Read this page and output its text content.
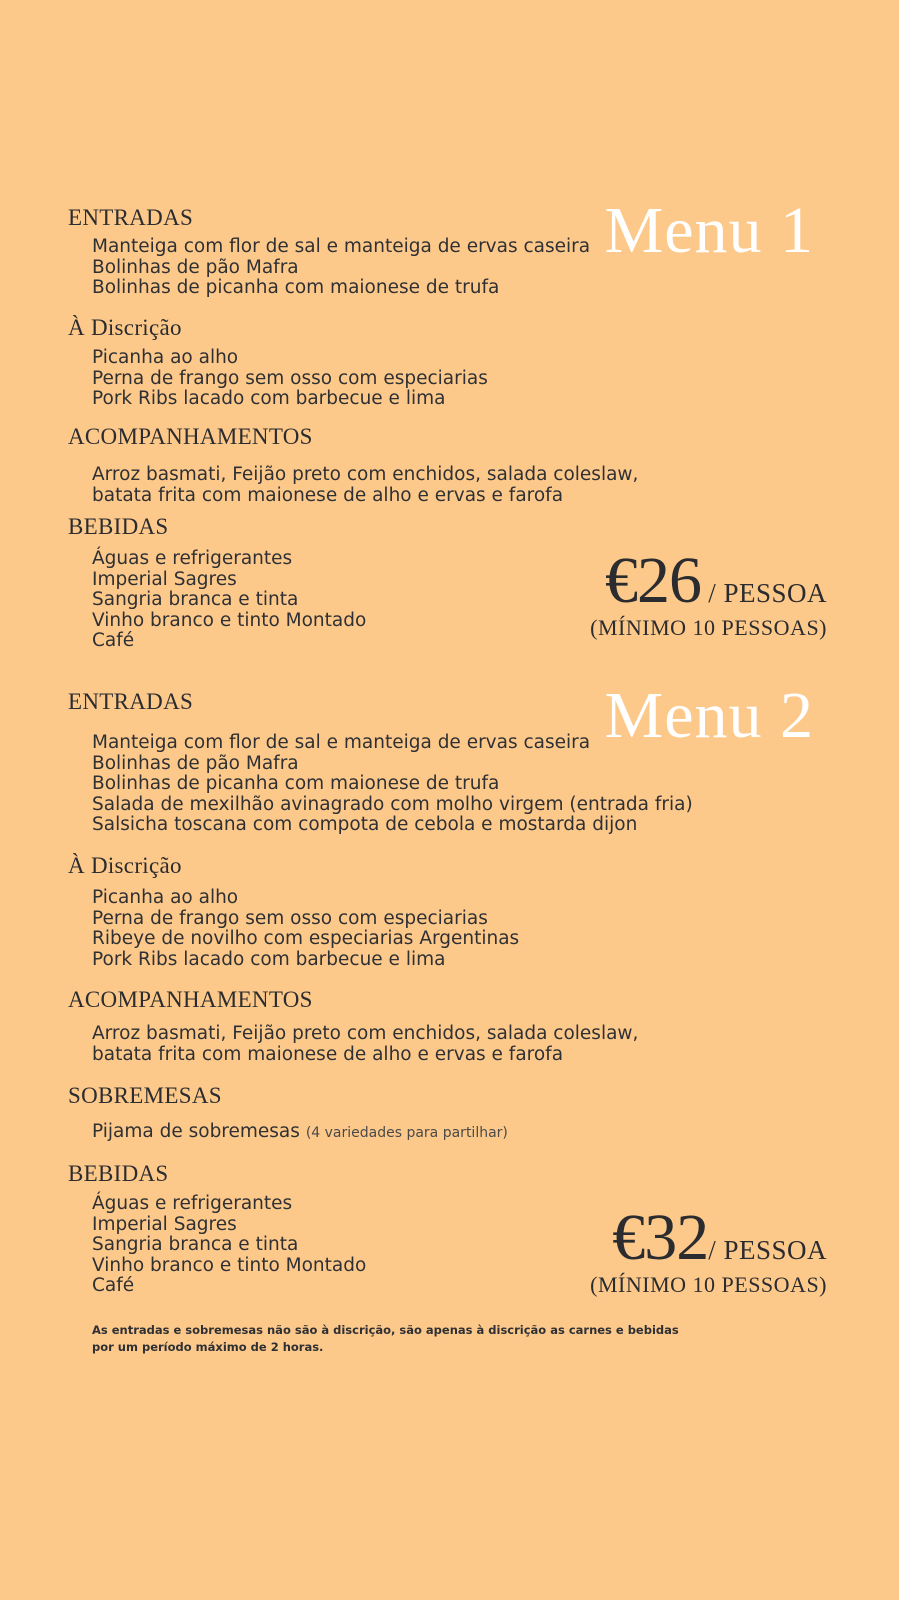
Menu 1
ENTRADAS
Manteiga com flor de sal e manteiga de ervas caseira
Bolinhas de pão Mafra
Bolinhas de picanha com maionese de trufa
À Discrição
Picanha ao alho
Perna de frango sem osso com especiarias
Pork Ribs lacado com barbecue e lima
ACOMPANHAMENTOS
Arroz basmati, Feijão preto com enchidos, salada coleslaw,
batata frita com maionese de alho e ervas e farofa
BEBIDAS
Águas e refrigerantes
Imperial Sagres
Sangria branca e tinta
Vinho branco e tinto Montado
Café
€26 / PESSOA
(MÍNIMO 10 PESSOAS)
Menu 2
ENTRADAS
Manteiga com flor de sal e manteiga de ervas caseira
Bolinhas de pão Mafra
Bolinhas de picanha com maionese de trufa
Salada de mexilhão avinagrado com molho virgem (entrada fria)
Salsicha toscana com compota de cebola e mostarda dijon
À Discrição
Picanha ao alho
Perna de frango sem osso com especiarias
Ribeye de novilho com especiarias Argentinas
Pork Ribs lacado com barbecue e lima
ACOMPANHAMENTOS
Arroz basmati, Feijão preto com enchidos, salada coleslaw,
batata frita com maionese de alho e ervas e farofa
SOBREMESAS
Pijama de sobremesas (4 variedades para partilhar)
BEBIDAS
Águas e refrigerantes
Imperial Sagres
Sangria branca e tinta
Vinho branco e tinto Montado
Café
€32/ PESSOA
(MÍNIMO 10 PESSOAS)
As entradas e sobremesas não são à discrição, são apenas à discrição as carnes e bebidas
por um período máximo de 2 horas.
